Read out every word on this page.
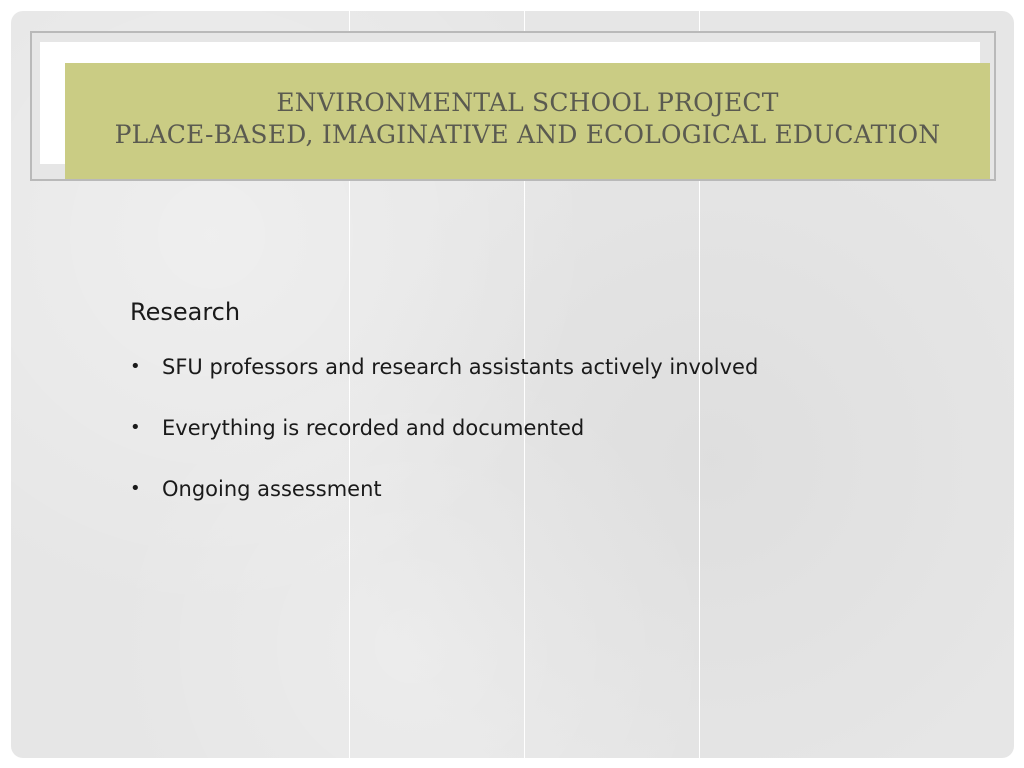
ENVIRONMENTAL SCHOOL PROJECT
PLACE-BASED, IMAGINATIVE AND ECOLOGICAL EDUCATION
Research
• SFU professors and research assistants actively involved
• Everything is recorded and documented
• Ongoing assessment
